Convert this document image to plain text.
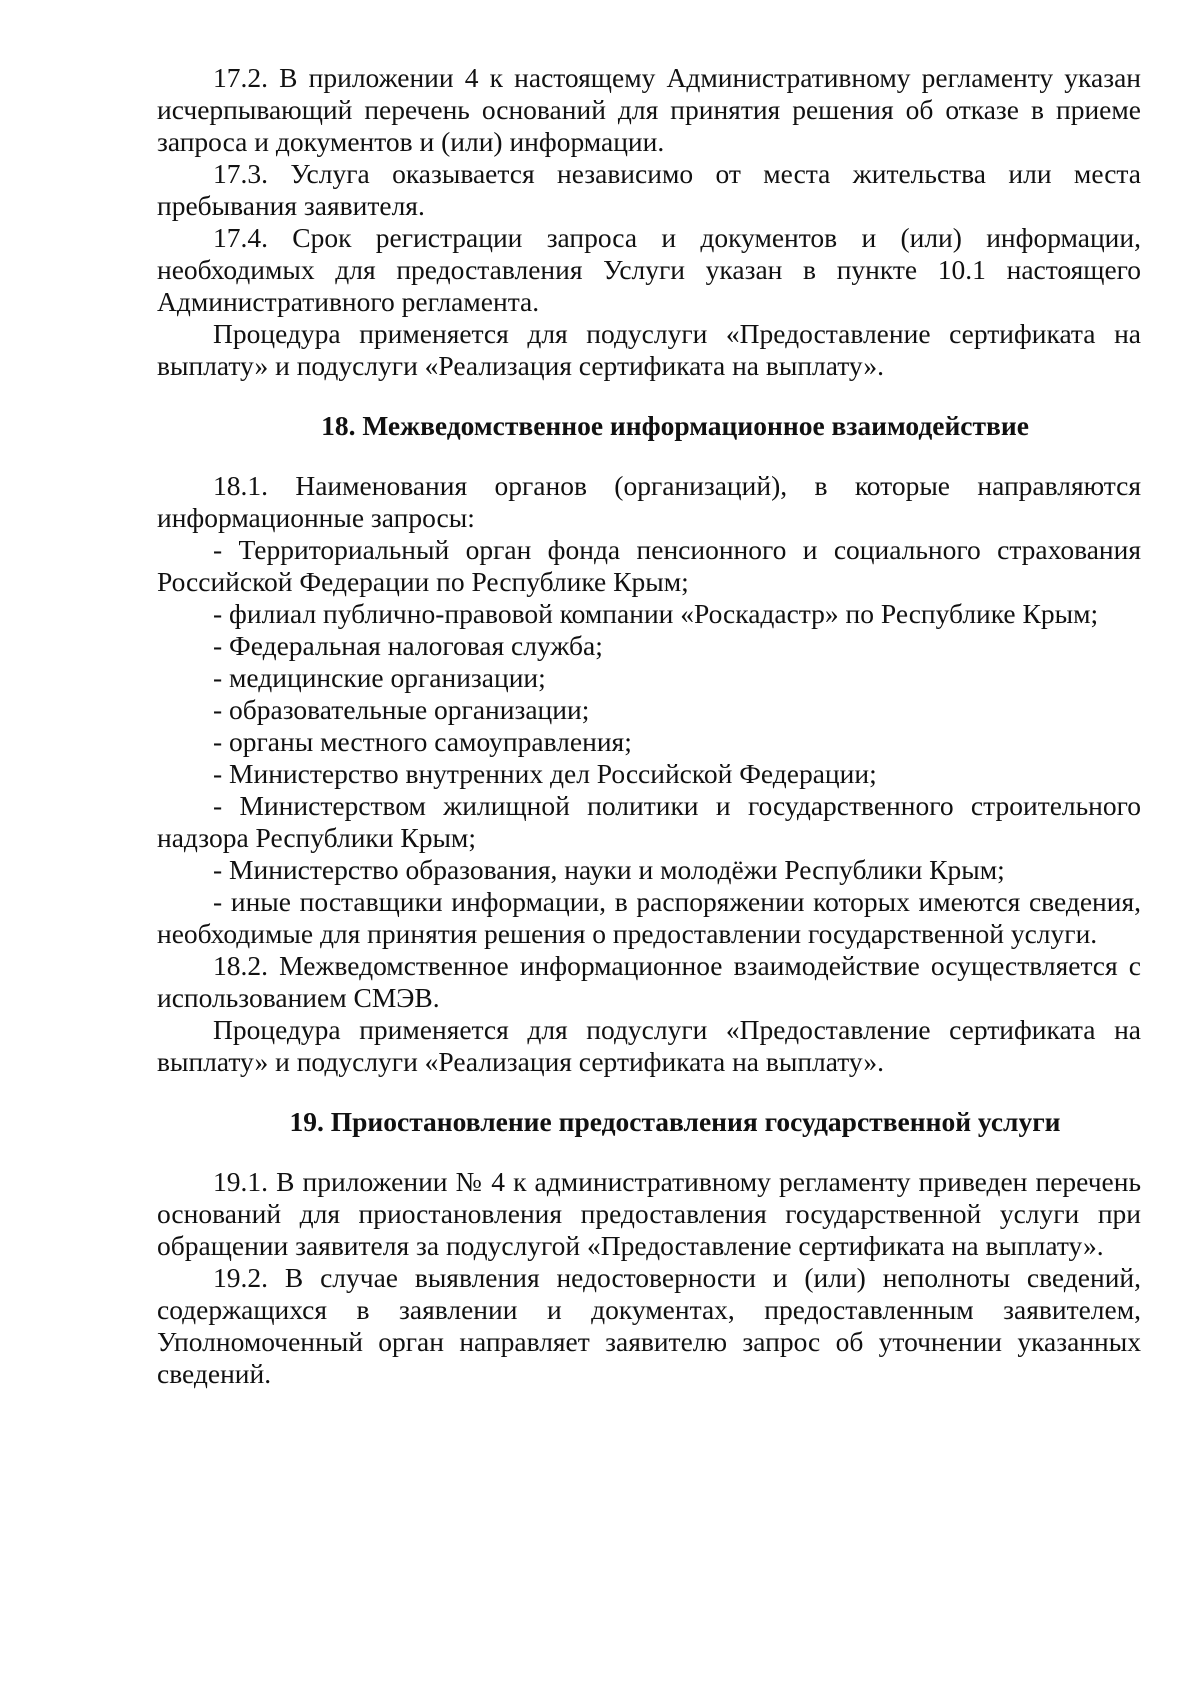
17.2. В приложении 4 к настоящему Административному регламенту указан исчерпывающий перечень оснований для принятия решения об отказе в приеме запроса и документов и (или) информации.

17.3. Услуга оказывается независимо от места жительства или места пребывания заявителя.

17.4. Срок регистрации запроса и документов и (или) информации, необходимых для предоставления Услуги указан в пункте 10.1 настоящего Административного регламента.

Процедура применяется для подуслуги «Предоставление сертификата на выплату» и подуслуги «Реализация сертификата на выплату».

18. Межведомственное информационное взаимодействие

18.1. Наименования органов (организаций), в которые направляются информационные запросы:

- Территориальный орган фонда пенсионного и социального страхования Российской Федерации по Республике Крым;

- филиал публично-правовой компании «Роскадастр» по Республике Крым;

- Федеральная налоговая служба;

- медицинские организации;

- образовательные организации;

- органы местного самоуправления;

- Министерство внутренних дел Российской Федерации;

- Министерством жилищной политики и государственного строительного надзора Республики Крым;

- Министерство образования, науки и молодёжи Республики Крым;

- иные поставщики информации, в распоряжении которых имеются сведения, необходимые для принятия решения о предоставлении государственной услуги.

18.2. Межведомственное информационное взаимодействие осуществляется с использованием СМЭВ.

Процедура применяется для подуслуги «Предоставление сертификата на выплату» и подуслуги «Реализация сертификата на выплату».

19. Приостановление предоставления государственной услуги

19.1. В приложении № 4 к административному регламенту приведен перечень оснований для приостановления предоставления государственной услуги при обращении заявителя за подуслугой «Предоставление сертификата на выплату».

19.2. В случае выявления недостоверности и (или) неполноты сведений, содержащихся в заявлении и документах, предоставленным заявителем, Уполномоченный орган направляет заявителю запрос об уточнении указанных сведений.
